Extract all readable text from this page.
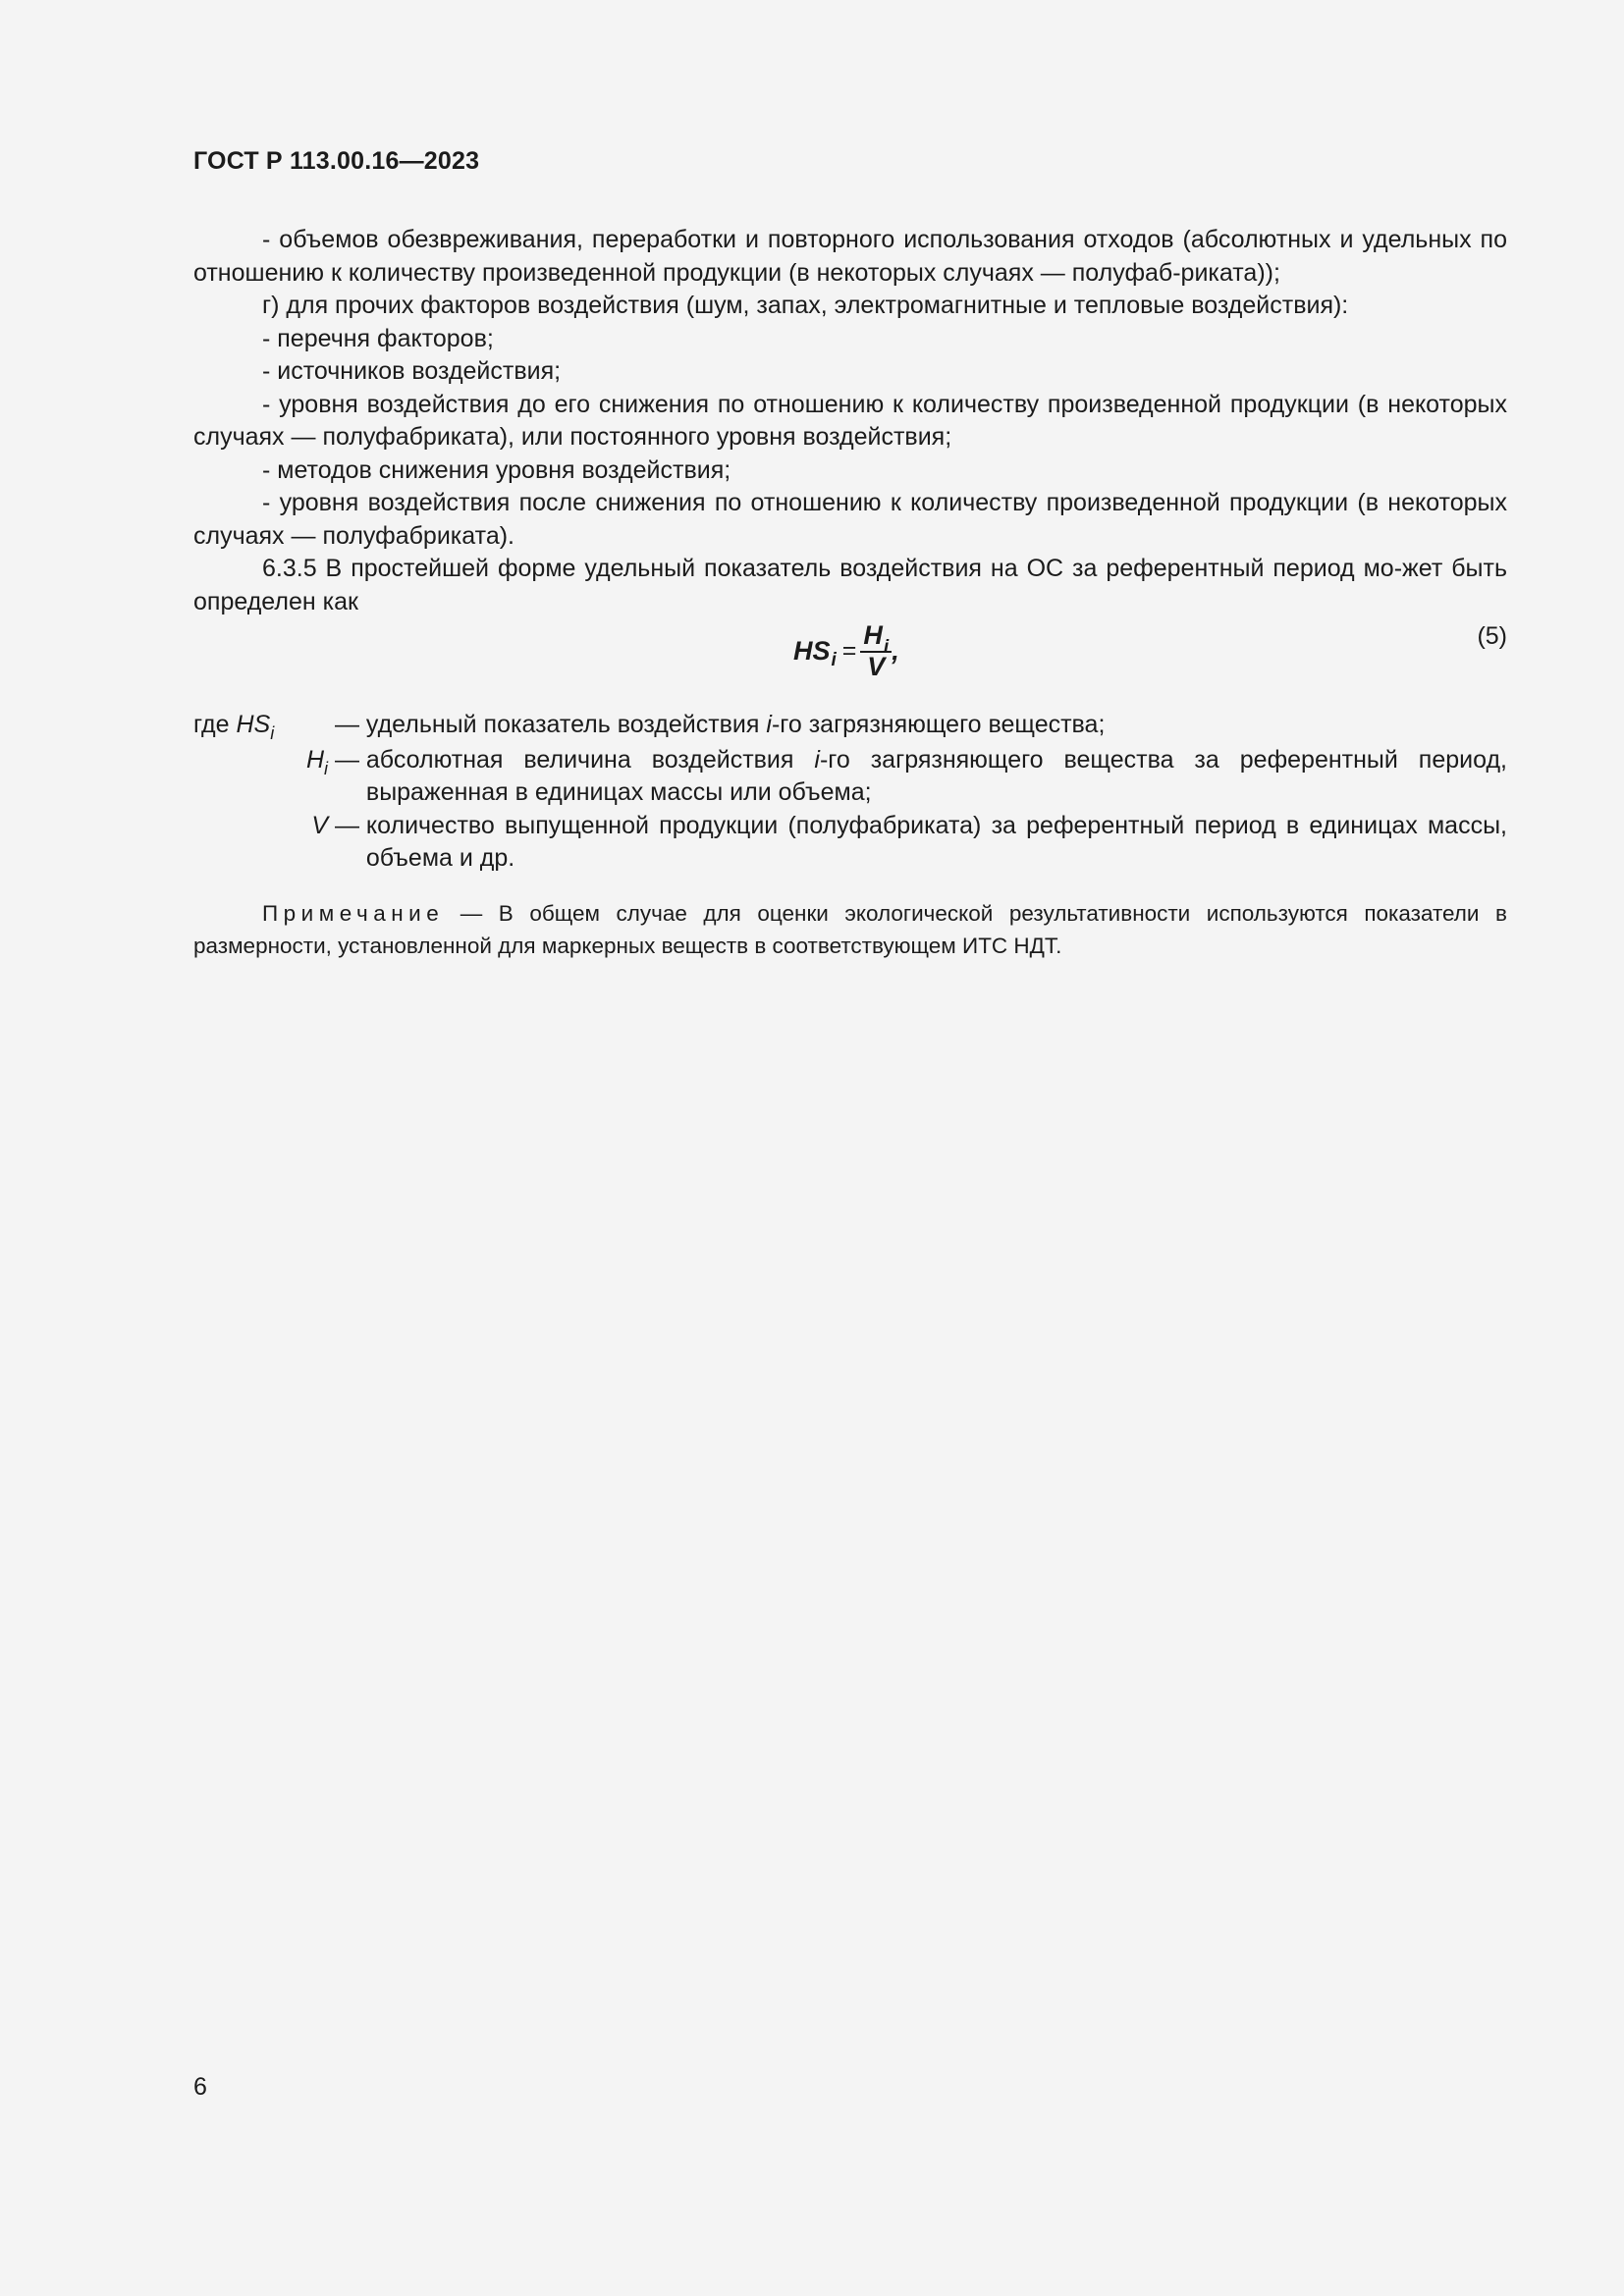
ГОСТ Р 113.00.16—2023

- объемов обезвреживания, переработки и повторного использования отходов (абсолютных и удельных по отношению к количеству произведенной продукции (в некоторых случаях — полуфаб-риката));

г) для прочих факторов воздействия (шум, запах, электромагнитные и тепловые воздействия):

- перечня факторов;

- источников воздействия;

- уровня воздействия до его снижения по отношению к количеству произведенной продукции (в некоторых случаях — полуфабриката), или постоянного уровня воздействия;

- методов снижения уровня воздействия;

- уровня воздействия после снижения по отношению к количеству произведенной продукции (в некоторых случаях — полуфабриката).

6.3.5 В простейшей форме удельный показатель воздействия на ОС за референтный период мо-жет быть определен как

HS $i = \frac{H_i}{V}$ ,	(5)
где $HS_i$	— удельный показатель воздействия i-го загрязняющего вещества;
$H_i$ — абсолютная величина воздействия i-го загрязняющего вещества за референтный период, выраженная в единицах массы или объема;
V — количество выпущенной продукции (полуфабриката) за референтный период в единицах массы, объема и др.
Примечание — В общем случае для оценки экологической результативности используются показатели в размерности, установленной для маркерных веществ в соответствующем ИТС НДТ.
6
